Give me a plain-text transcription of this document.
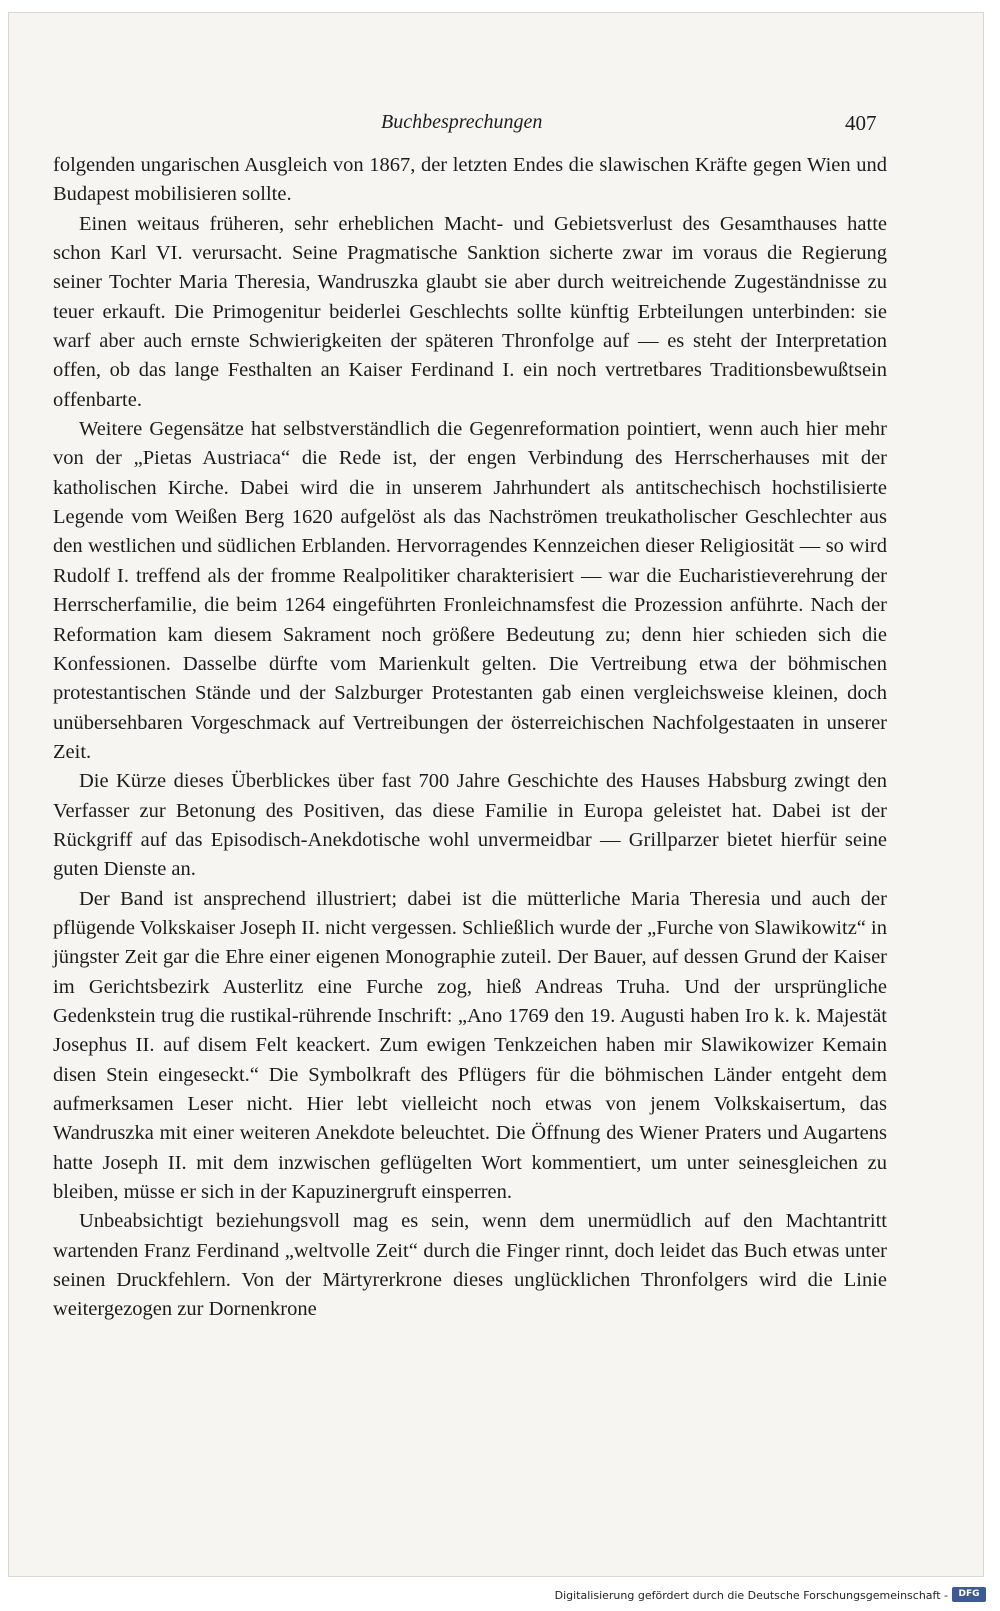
Buchbesprechungen	407

folgenden ungarischen Ausgleich von 1867, der letzten Endes die slawischen Kräfte gegen Wien und Budapest mobilisieren sollte.

Einen weitaus früheren, sehr erheblichen Macht- und Gebietsverlust des Gesamthauses hatte schon Karl VI. verursacht. Seine Pragmatische Sanktion sicherte zwar im voraus die Regierung seiner Tochter Maria Theresia, Wandruszka glaubt sie aber durch weitreichende Zugeständnisse zu teuer erkauft. Die Primogenitur beiderlei Geschlechts sollte künftig Erbteilungen unterbinden: sie warf aber auch ernste Schwierigkeiten der späteren Thronfolge auf — es steht der Interpretation offen, ob das lange Festhalten an Kaiser Ferdinand I. ein noch vertretbares Traditionsbewußtsein offenbarte.

Weitere Gegensätze hat selbstverständlich die Gegenreformation pointiert, wenn auch hier mehr von der „Pietas Austriaca“ die Rede ist, der engen Verbindung des Herrscherhauses mit der katholischen Kirche. Dabei wird die in unserem Jahrhundert als antitschechisch hochstilisierte Legende vom Weißen Berg 1620 aufgelöst als das Nachströmen treukatholischer Geschlechter aus den westlichen und südlichen Erblanden. Hervorragendes Kennzeichen dieser Religiosität — so wird Rudolf I. treffend als der fromme Realpolitiker charakterisiert — war die Eucharistieverehrung der Herrscherfamilie, die beim 1264 eingeführten Fronleichnamsfest die Prozession anführte. Nach der Reformation kam diesem Sakrament noch größere Bedeutung zu; denn hier schieden sich die Konfessionen. Dasselbe dürfte vom Marienkult gelten. Die Vertreibung etwa der böhmischen protestantischen Stände und der Salzburger Protestanten gab einen vergleichsweise kleinen, doch unübersehbaren Vorgeschmack auf Vertreibungen der österreichischen Nachfolgestaaten in unserer Zeit.

Die Kürze dieses Überblickes über fast 700 Jahre Geschichte des Hauses Habsburg zwingt den Verfasser zur Betonung des Positiven, das diese Familie in Europa geleistet hat. Dabei ist der Rückgriff auf das Episodisch-Anekdotische wohl unvermeidbar — Grillparzer bietet hierfür seine guten Dienste an.

Der Band ist ansprechend illustriert; dabei ist die mütterliche Maria Theresia und auch der pflügende Volkskaiser Joseph II. nicht vergessen. Schließlich wurde der „Furche von Slawikowitz“ in jüngster Zeit gar die Ehre einer eigenen Monographie zuteil. Der Bauer, auf dessen Grund der Kaiser im Gerichtsbezirk Austerlitz eine Furche zog, hieß Andreas Truha. Und der ursprüngliche Gedenkstein trug die rustikal-rührende Inschrift: „Ano 1769 den 19. Augusti haben Iro k. k. Majestät Josephus II. auf disem Felt keackert. Zum ewigen Tenkzeichen haben mir Slawikowizer Kemain disen Stein eingeseckt.“ Die Symbolkraft des Pflügers für die böhmischen Länder entgeht dem aufmerksamen Leser nicht. Hier lebt vielleicht noch etwas von jenem Volkskaisertum, das Wandruszka mit einer weiteren Anekdote beleuchtet. Die Öffnung des Wiener Praters und Augartens hatte Joseph II. mit dem inzwischen geflügelten Wort kommentiert, um unter seinesgleichen zu bleiben, müsse er sich in der Kapuzinergruft einsperren.

Unbeabsichtigt beziehungsvoll mag es sein, wenn dem unermüdlich auf den Machtantritt wartenden Franz Ferdinand „weltvolle Zeit“ durch die Finger rinnt, doch leidet das Buch etwas unter seinen Druckfehlern. Von der Märtyrerkrone dieses unglücklichen Thronfolgers wird die Linie weitergezogen zur Dornenkrone

Digitalisierung gefördert durch die Deutsche Forschungsgemeinschaft -	DFG
